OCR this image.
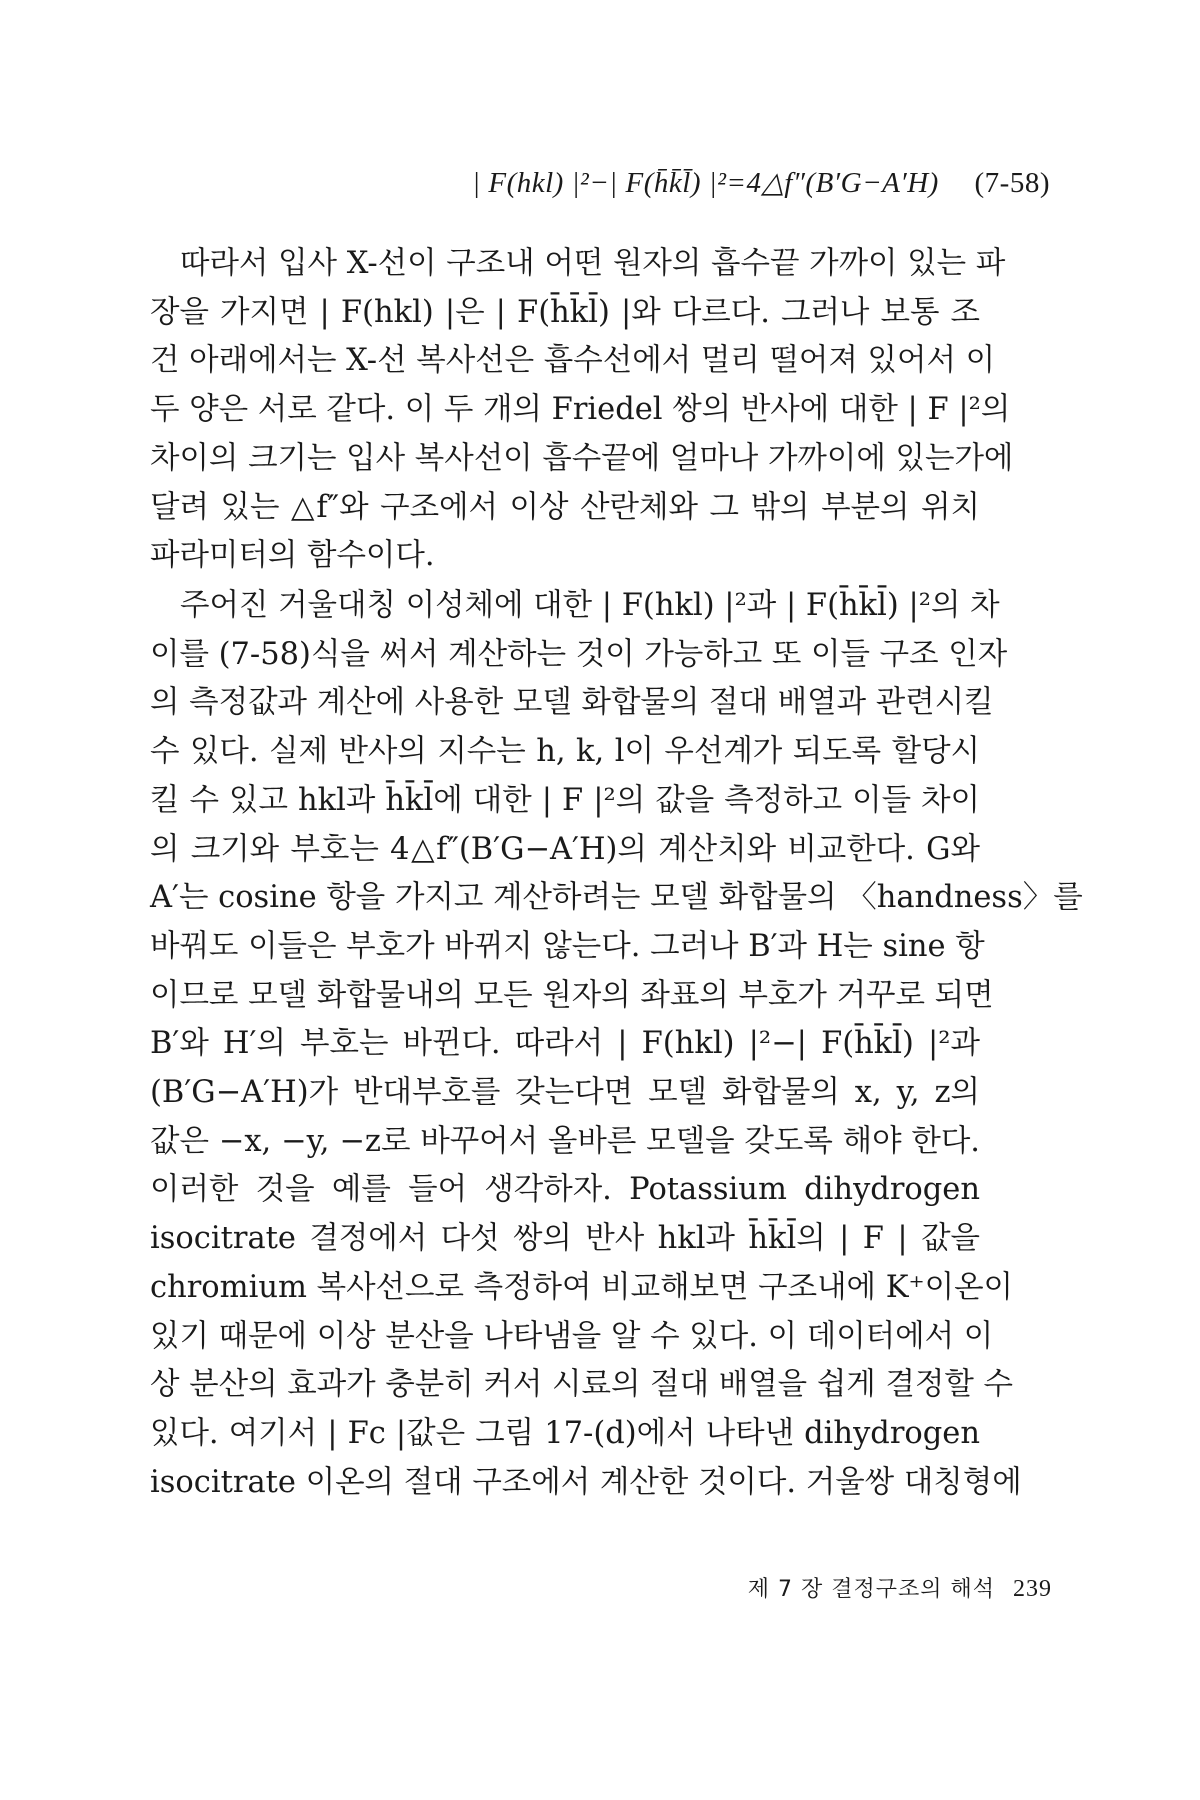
| F(hkl) |²−| F(h̄k̄l̄) |²=4△f″(B′G−A′H) (7-58)
따라서 입사 X-선이 구조내 어떤 원자의 흡수끝 가까이 있는 파
장을 가지면 | F(hkl) |은 | F(h̄k̄l̄) |와 다르다. 그러나 보통 조
건 아래에서는 X-선 복사선은 흡수선에서 멀리 떨어져 있어서 이
두 양은 서로 같다. 이 두 개의 Friedel 쌍의 반사에 대한 | F |²의
차이의 크기는 입사 복사선이 흡수끝에 얼마나 가까이에 있는가에
달려 있는 △f″와 구조에서 이상 산란체와 그 밖의 부분의 위치
파라미터의 함수이다.
주어진 거울대칭 이성체에 대한 | F(hkl) |²과 | F(h̄k̄l̄) |²의 차
이를 (7-58)식을 써서 계산하는 것이 가능하고 또 이들 구조 인자
의 측정값과 계산에 사용한 모델 화합물의 절대 배열과 관련시킬
수 있다. 실제 반사의 지수는 h, k, l이 우선계가 되도록 할당시
킬 수 있고 hkl과 h̄k̄l̄에 대한 | F |²의 값을 측정하고 이들 차이
의 크기와 부호는 4△f″(B′G−A′H)의 계산치와 비교한다. G와
A′는 cosine 항을 가지고 계산하려는 모델 화합물의 〈handness〉를
바꿔도 이들은 부호가 바뀌지 않는다. 그러나 B′과 H는 sine 항
이므로 모델 화합물내의 모든 원자의 좌표의 부호가 거꾸로 되면
B′와 H′의 부호는 바뀐다. 따라서 | F(hkl) |²−| F(h̄k̄l̄) |²과
(B′G−A′H)가 반대부호를 갖는다면 모델 화합물의 x, y, z의
값은 −x, −y, −z로 바꾸어서 올바른 모델을 갖도록 해야 한다.
이러한 것을 예를 들어 생각하자. Potassium dihydrogen
isocitrate 결정에서 다섯 쌍의 반사 hkl과 h̄k̄l̄의 | F | 값을
chromium 복사선으로 측정하여 비교해보면 구조내에 K⁺이온이
있기 때문에 이상 분산을 나타냄을 알 수 있다. 이 데이터에서 이
상 분산의 효과가 충분히 커서 시료의 절대 배열을 쉽게 결정할 수
있다. 여기서 | Fc |값은 그림 17-(d)에서 나타낸 dihydrogen
isocitrate 이온의 절대 구조에서 계산한 것이다. 거울쌍 대칭형에
제 7 장 결정구조의 해석 239
